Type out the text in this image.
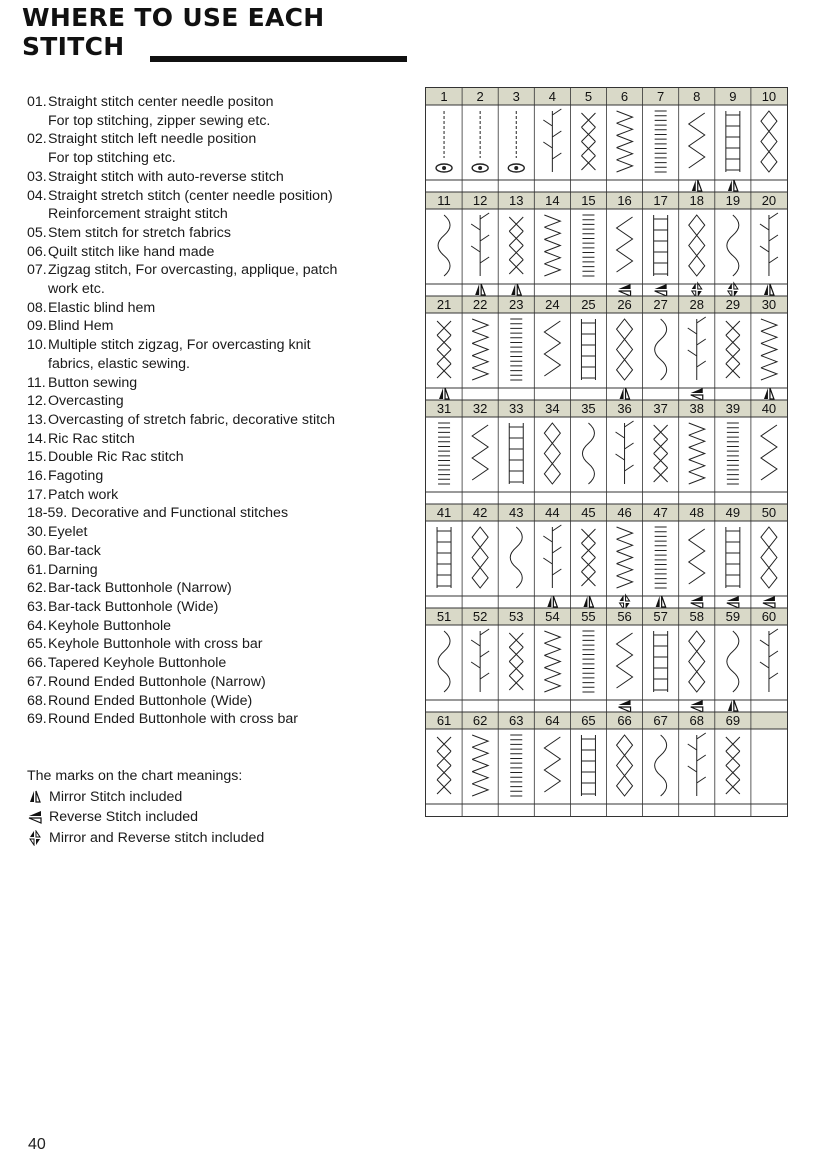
WHERE TO USE EACH
STITCH
01. Straight stitch center needle positon
For top stitching, zipper sewing etc.
02. Straight stitch left needle position
For top stitching etc.
03. Straight stitch with auto-reverse stitch
04. Straight stretch stitch (center needle position)
Reinforcement straight stitch
05. Stem stitch for stretch fabrics
06. Quilt stitch like hand made
07. Zigzag stitch, For overcasting, applique, patch
work etc.
08. Elastic blind hem
09. Blind Hem
10. Multiple stitch zigzag, For overcasting knit
fabrics, elastic sewing.
11. Button sewing
12. Overcasting
13. Overcasting of stretch fabric, decorative stitch
14. Ric Rac stitch
15. Double Ric Rac stitch
16. Fagoting
17. Patch work
18-59. Decorative and Functional stitches
30. Eyelet
60. Bar-tack
61. Darning
62. Bar-tack Buttonhole (Narrow)
63. Bar-tack Buttonhole (Wide)
64. Keyhole Buttonhole
65. Keyhole Buttonhole with cross bar
66. Tapered Keyhole Buttonhole
67. Round Ended Buttonhole (Narrow)
68. Round Ended Buttonhole (Wide)
69. Round Ended Buttonhole with cross bar
The marks on the chart meanings:
Mirror Stitch included
Reverse Stitch included
Mirror and Reverse stitch included
1 2 3 4 5 6 7 8 9 10
11 12 13 14 15 16 17 18 19 20
21 22 23 24 25 26 27 28 29 30
31 32 33 34 35 36 37 38 39 40
41 42 43 44 45 46 47 48 49 50
51 52 53 54 55 56 57 58 59 60
61 62 63 64 65 66 67 68 69
40
